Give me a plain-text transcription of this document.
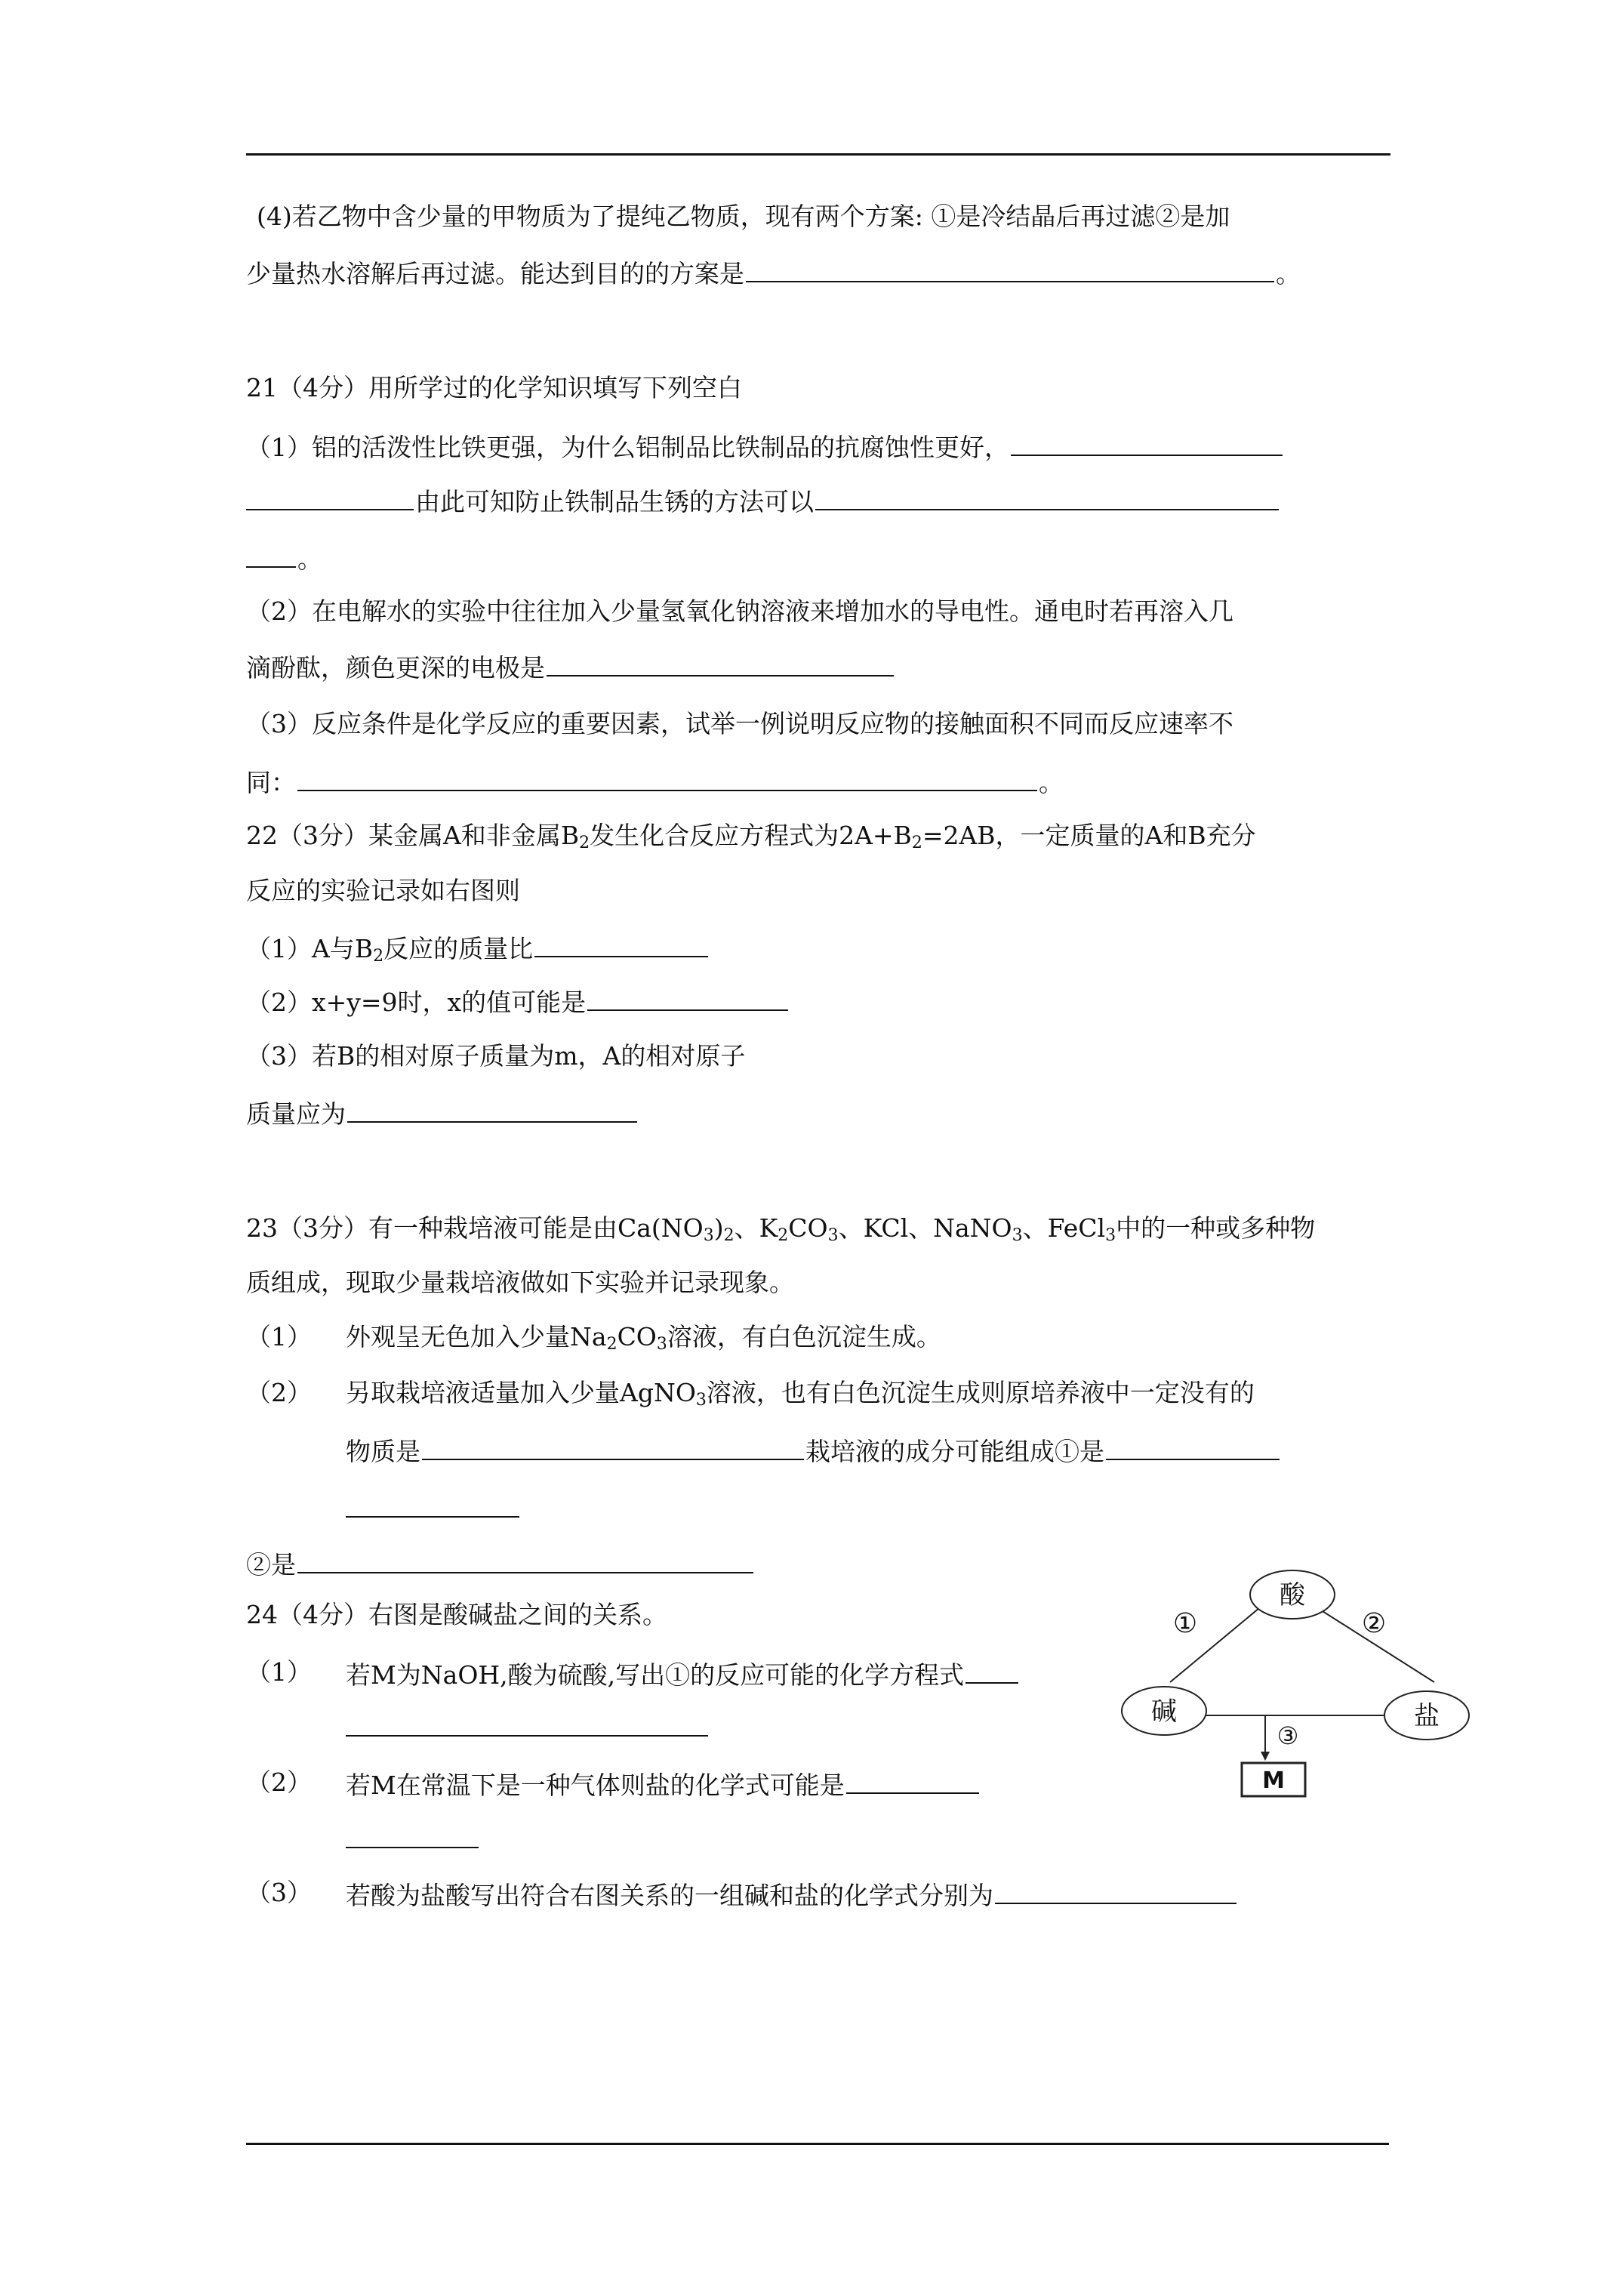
(4)若乙物中含少量的甲物质为了提纯乙物质，现有两个方案: ①是冷结晶后再过滤②是加
少量热水溶解后再过滤。能达到目的的方案是	。
21（4分）用所学过的化学知识填写下列空白
（1）铝的活泼性比铁更强，为什么铝制品比铁制品的抗腐蚀性更好，
由此可知防止铁制品生锈的方法可以
。
（2）在电解水的实验中往往加入少量氢氧化钠溶液来增加水的导电性。通电时若再溶入几
滴酚酞，颜色更深的电极是
（3）反应条件是化学反应的重要因素，试举一例说明反应物的接触面积不同而反应速率不
同：	。
22（3分）某金属A和非金属$B_2$发生化合反应方程式为$2A+B_2=2AB$，一定质量的A和B充分
反应的实验记录如右图则
（1）A与$B_2$反应的质量比
（2）x+y=9时，x的值可能是
（3）若B的相对原子质量为m，A的相对原子
质量应为
23（3分）有一种栽培液可能是由$Ca(NO_3)_2$、$K_2CO_3$、KCl、NaNO$_3$、FeCl$_3$中的一种或多种物
质组成，现取少量栽培液做如下实验并记录现象。
（1） 外观呈无色加入少量$Na_2CO_3$溶液，有白色沉淀生成。
（2） 另取栽培液适量加入少量AgNO$_3$溶液，也有白色沉淀生成则原培养液中一定没有的
物质是	栽培液的成分可能组成①是
②是
24（4分）右图是酸碱盐之间的关系。
（1） 若M为NaOH,酸为硫酸,写出①的反应可能的化学方程式
（2） 若M在常温下是一种气体则盐的化学式可能是
（3） 若酸为盐酸写出符合右图关系的一组碱和盐的化学式分别为
酸
碱	盐
M
①	②
③
